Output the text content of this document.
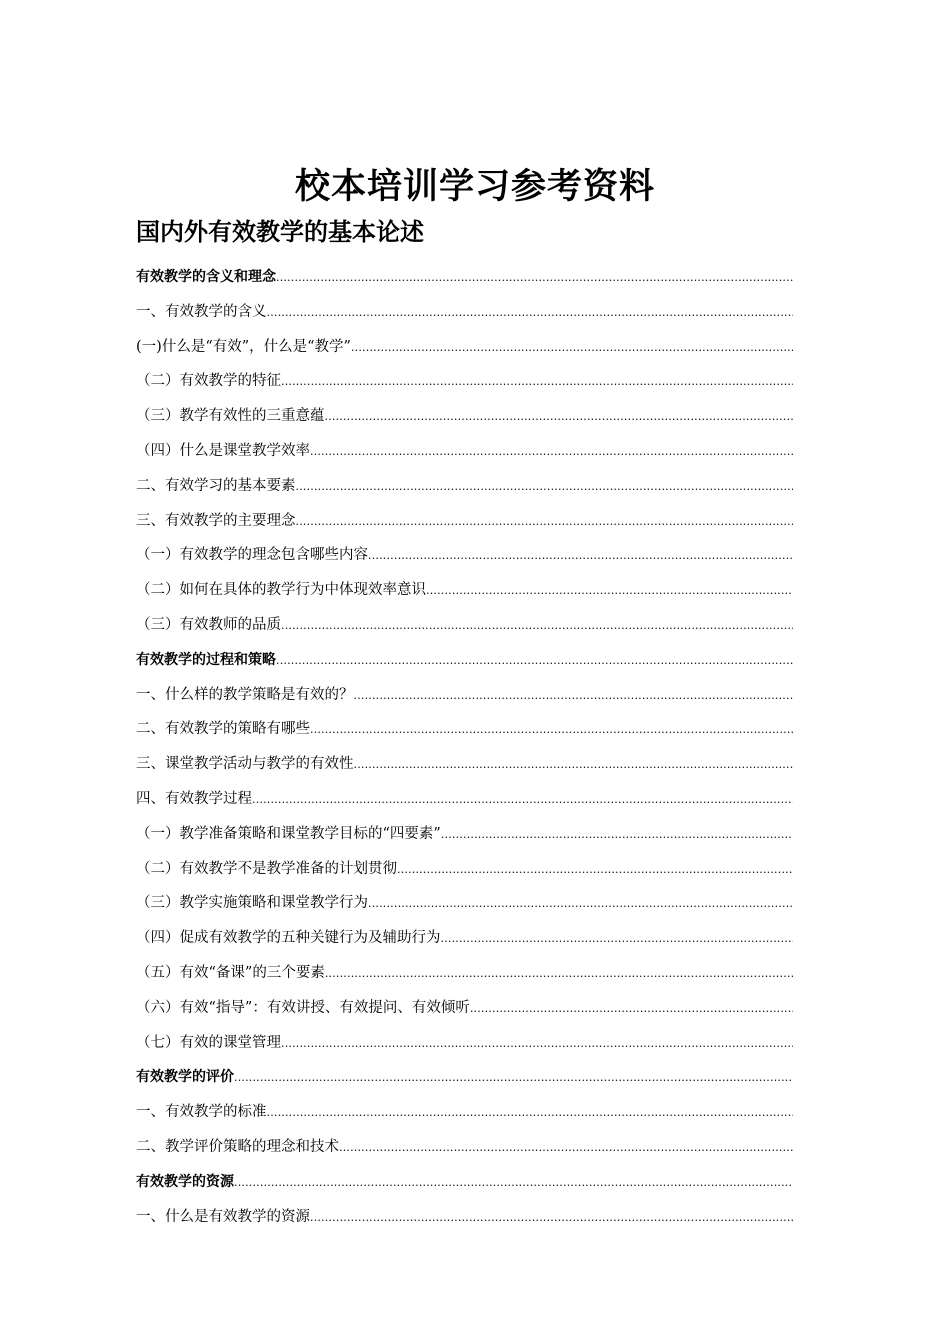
校本培训学习参考资料
国内外有效教学的基本论述
有效教学的含义和理念
.....
一、有效教学的含义
.....
(一)什么是“有效”，什么是“教学”
.....
（二）有效教学的特征
.....
（三）教学有效性的三重意蕴
.....
（四）什么是课堂教学效率
.....
二、有效学习的基本要素
.....
三、有效教学的主要理念
.....
（一）有效教学的理念包含哪些内容
.....
（二）如何在具体的教学行为中体现效率意识
.....
（三）有效教师的品质
.....
有效教学的过程和策略
.....
一、什么样的教学策略是有效的？
.....
二、有效教学的策略有哪些
.....
三、课堂教学活动与教学的有效性
.....
四、有效教学过程
.....
（一）教学准备策略和课堂教学目标的“四要素”
.....
（二）有效教学不是教学准备的计划贯彻
.....
（三）教学实施策略和课堂教学行为
.....
（四）促成有效教学的五种关键行为及辅助行为
.....
（五）有效“备课”的三个要素
.....
（六）有效“指导”：有效讲授、有效提问、有效倾听
.....
（七）有效的课堂管理
.....
有效教学的评价
.....
一、有效教学的标准
.....
二、教学评价策略的理念和技术
.....
有效教学的资源
.....
一、什么是有效教学的资源
.....
